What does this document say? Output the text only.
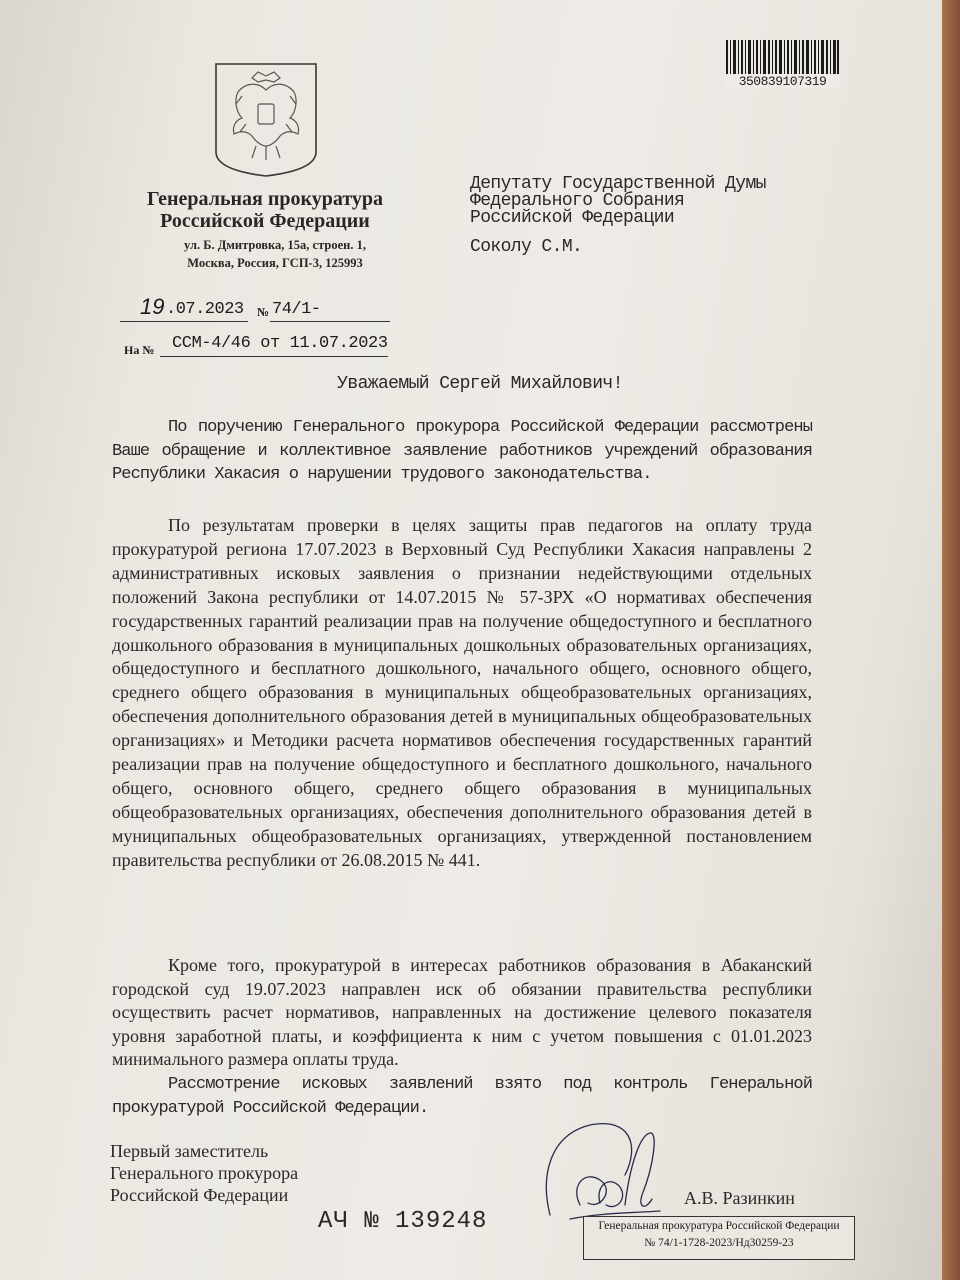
350839107319
Генеральная прокуратура
Российской Федерации
ул. Б. Дмитровка, 15а, строен. 1,
Москва, Россия, ГСП-3, 125993
Депутату Государственной Думы
Федерального Собрания
Российской Федерации
Соколу С.М.
19 .07.2023 № 74/1-
На № ССМ-4/46 от 11.07.2023
Уважаемый Сергей Михайлович!
По поручению Генерального прокурора Российской Федерации рассмотрены Ваше обращение и коллективное заявление работников учреждений образования Республики Хакасия о нарушении трудового законодательства.
По результатам проверки в целях защиты прав педагогов на оплату труда прокуратурой региона 17.07.2023 в Верховный Суд Республики Хакасия направлены 2 административных исковых заявления о признании недействующими отдельных положений Закона республики от 14.07.2015 № 57-ЗРХ «О нормативах обеспечения государственных гарантий реализации прав на получение общедоступного и бесплатного дошкольного образования в муниципальных дошкольных образовательных организациях, общедоступного и бесплатного дошкольного, начального общего, основного общего, среднего общего образования в муниципальных общеобразовательных организациях, обеспечения дополнительного образования детей в муниципальных общеобразовательных организациях» и Методики расчета нормативов обеспечения государственных гарантий реализации прав на получение общедоступного и бесплатного дошкольного, начального общего, основного общего, среднего общего образования в муниципальных общеобразовательных организациях, обеспечения дополнительного образования детей в муниципальных общеобразовательных организациях, утвержденной постановлением правительства республики от 26.08.2015 № 441.
Кроме того, прокуратурой в интересах работников образования в Абаканский городской суд 19.07.2023 направлен иск об обязании правительства республики осуществить расчет нормативов, направленных на достижение целевого показателя уровня заработной платы, и коэффициента к ним с учетом повышения с 01.01.2023 минимального размера оплаты труда.
Рассмотрение исковых заявлений взято под контроль Генеральной прокуратурой Российской Федерации.
Первый заместитель
Генерального прокурора
Российской Федерации	А.В. Разинкин
АЧ № 139248	Генеральная прокуратура Российской Федерации
№ 74/1-1728-2023/Нд30259-23
